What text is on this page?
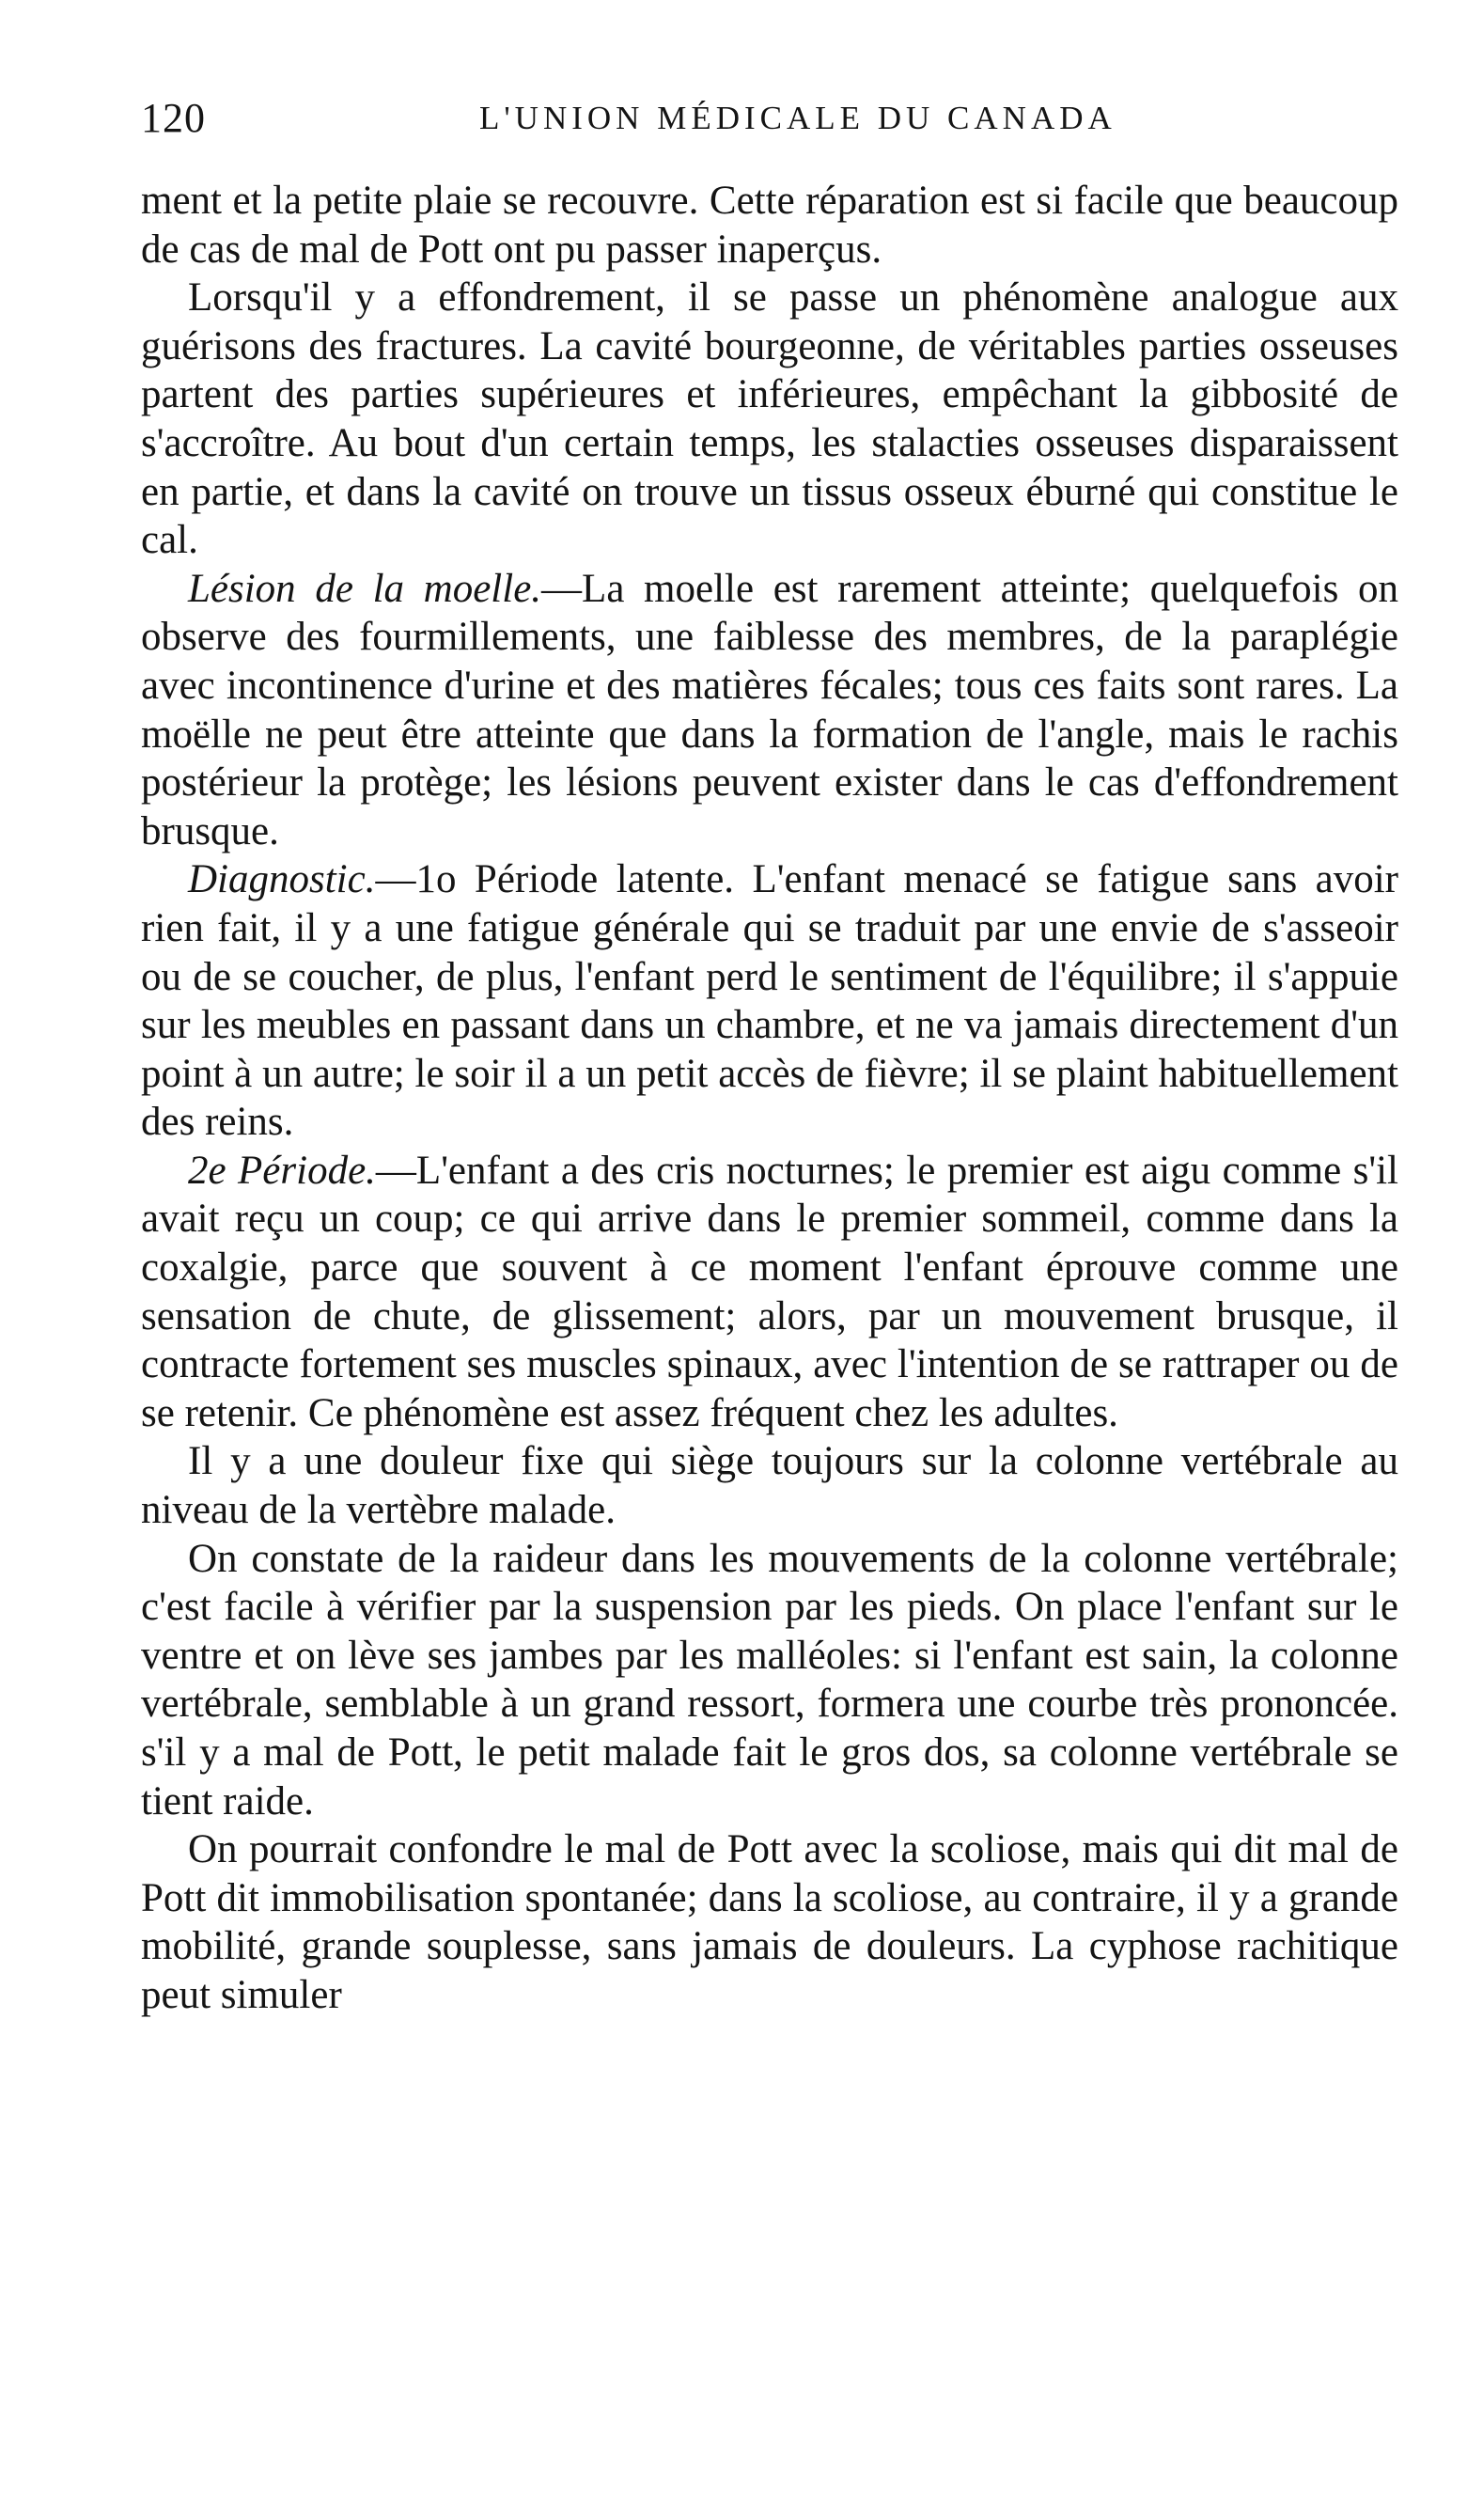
120	L'UNION MÉDICALE DU CANADA

ment et la petite plaie se recouvre. Cette réparation est si facile que beaucoup de cas de mal de Pott ont pu passer inaperçus.

Lorsqu'il y a effondrement, il se passe un phénomène analogue aux guérisons des fractures. La cavité bourgeonne, de véritables parties osseuses partent des parties supérieures et inférieures, empêchant la gibbosité de s'accroître. Au bout d'un certain temps, les stalacties osseuses disparaissent en partie, et dans la cavité on trouve un tissus osseux éburné qui constitue le cal.

Lésion de la moelle.—La moelle est rarement atteinte; quelquefois on observe des fourmillements, une faiblesse des membres, de la paraplégie avec incontinence d'urine et des matières fécales; tous ces faits sont rares. La moëlle ne peut être atteinte que dans la formation de l'angle, mais le rachis postérieur la protège; les lésions peuvent exister dans le cas d'effondrement brusque.

Diagnostic.—1o Période latente. L'enfant menacé se fatigue sans avoir rien fait, il y a une fatigue générale qui se traduit par une envie de s'asseoir ou de se coucher, de plus, l'enfant perd le sentiment de l'équilibre; il s'appuie sur les meubles en passant dans un chambre, et ne va jamais directement d'un point à un autre; le soir il a un petit accès de fièvre; il se plaint habituellement des reins.

2e Période.—L'enfant a des cris nocturnes; le premier est aigu comme s'il avait reçu un coup; ce qui arrive dans le premier sommeil, comme dans la coxalgie, parce que souvent à ce moment l'enfant éprouve comme une sensation de chute, de glissement; alors, par un mouvement brusque, il contracte fortement ses muscles spinaux, avec l'intention de se rattraper ou de se retenir. Ce phénomène est assez fréquent chez les adultes.

Il y a une douleur fixe qui siège toujours sur la colonne vertébrale au niveau de la vertèbre malade.

On constate de la raideur dans les mouvements de la colonne vertébrale; c'est facile à vérifier par la suspension par les pieds. On place l'enfant sur le ventre et on lève ses jambes par les malléoles: si l'enfant est sain, la colonne vertébrale, semblable à un grand ressort, formera une courbe très prononcée. s'il y a mal de Pott, le petit malade fait le gros dos, sa colonne vertébrale se tient raide.

On pourrait confondre le mal de Pott avec la scoliose, mais qui dit mal de Pott dit immobilisation spontanée; dans la scoliose, au contraire, il y a grande mobilité, grande souplesse, sans jamais de douleurs. La cyphose rachitique peut simuler
